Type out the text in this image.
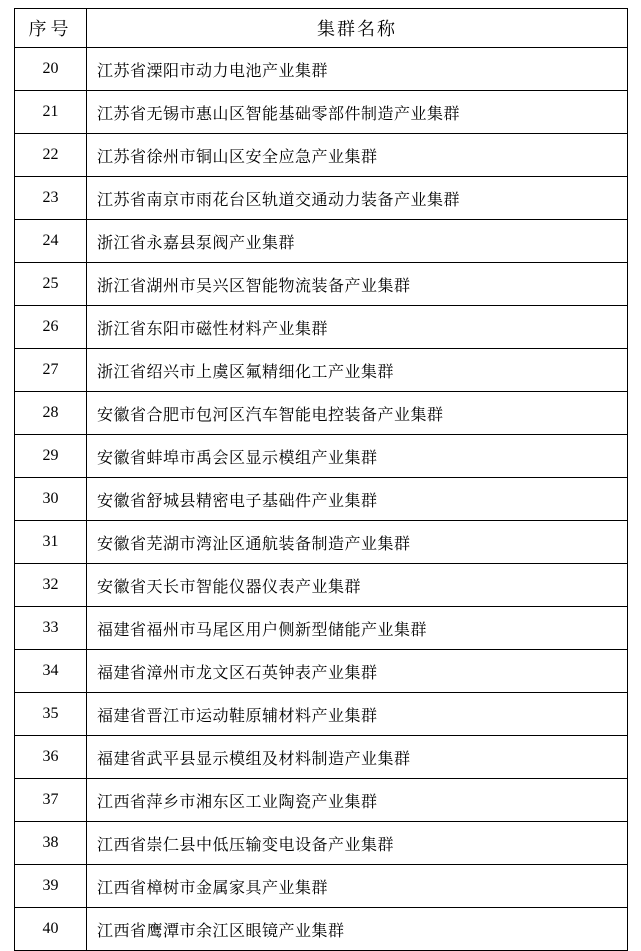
序号	集群名称
20	江苏省溧阳市动力电池产业集群
21	江苏省无锡市惠山区智能基础零部件制造产业集群
22	江苏省徐州市铜山区安全应急产业集群
23	江苏省南京市雨花台区轨道交通动力装备产业集群
24	浙江省永嘉县泵阀产业集群
25	浙江省湖州市吴兴区智能物流装备产业集群
26	浙江省东阳市磁性材料产业集群
27	浙江省绍兴市上虞区氟精细化工产业集群
28	安徽省合肥市包河区汽车智能电控装备产业集群
29	安徽省蚌埠市禹会区显示模组产业集群
30	安徽省舒城县精密电子基础件产业集群
31	安徽省芜湖市湾沚区通航装备制造产业集群
32	安徽省天长市智能仪器仪表产业集群
33	福建省福州市马尾区用户侧新型储能产业集群
34	福建省漳州市龙文区石英钟表产业集群
35	福建省晋江市运动鞋原辅材料产业集群
36	福建省武平县显示模组及材料制造产业集群
37	江西省萍乡市湘东区工业陶瓷产业集群
38	江西省崇仁县中低压输变电设备产业集群
39	江西省樟树市金属家具产业集群
40	江西省鹰潭市余江区眼镜产业集群
